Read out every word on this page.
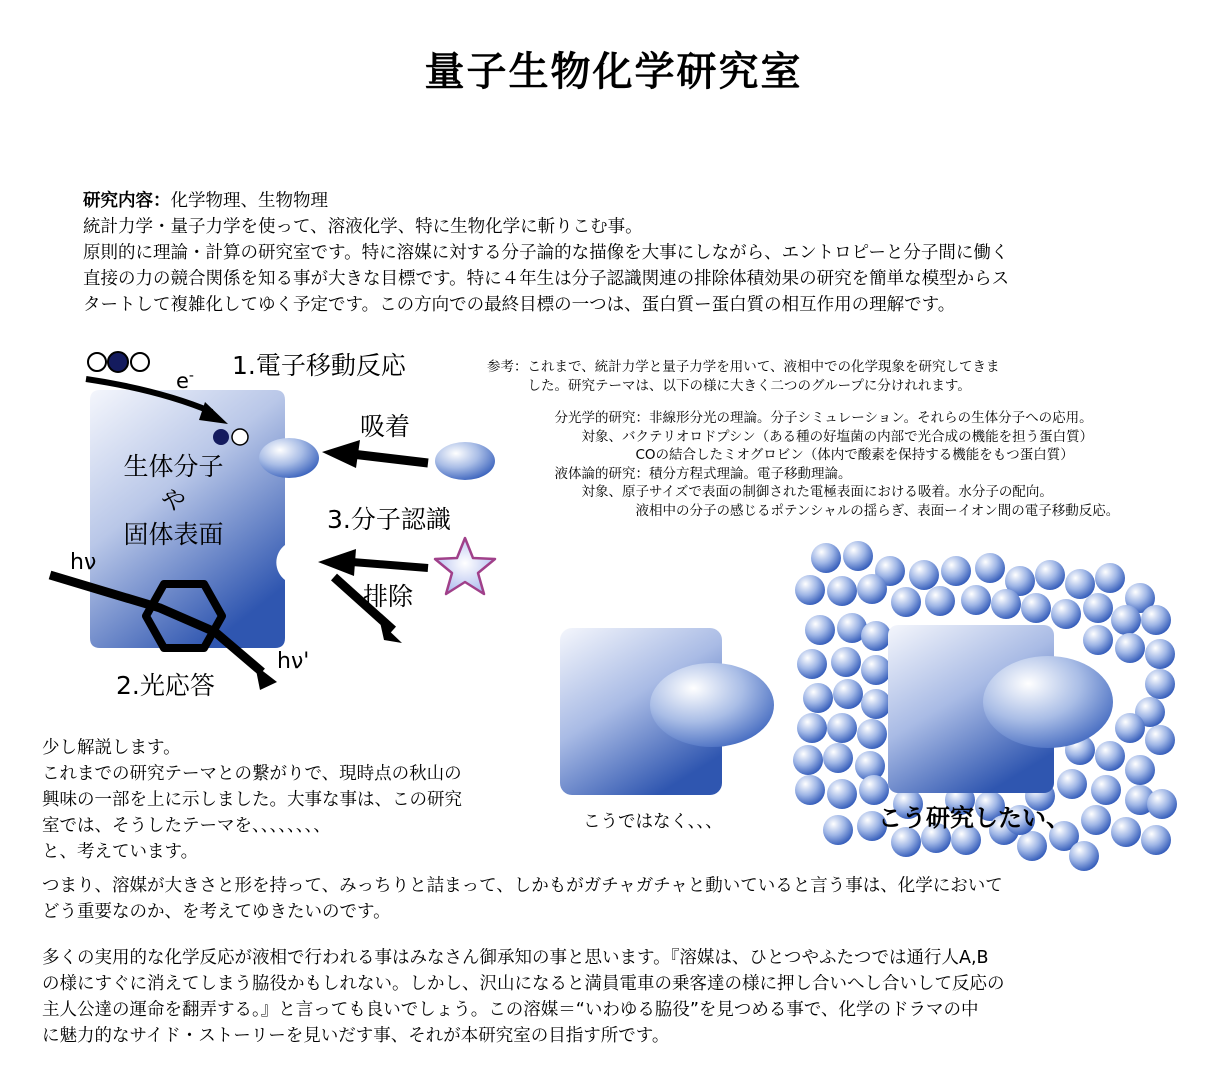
量子生物化学研究室

研究内容：化学物理、生物物理

統計力学・量子力学を使って、溶液化学、特に生物化学に斬りこむ事。

原則的に理論・計算の研究室です。特に溶媒に対する分子論的な描像を大事にしながら、エントロピーと分子間に働く

直接の力の競合関係を知る事が大きな目標です。特に４年生は分子認識関連の排除体積効果の研究を簡単な模型からス

タートして複雑化してゆく予定です。この方向での最終目標の一つは、蛋白質ー蛋白質の相互作用の理解です。

1.電子移動反応
e-
吸着
生体分子
や
固体表面
3.分子認識
hν
排除
hν'
2.光応答

参考：これまで、統計力学と量子力学を用いて、液相中での化学現象を研究してきま

　　　した。研究テーマは、以下の様に大きく二つのグループに分けれれます。

　　　　　分光学的研究：非線形分光の理論。分子シミュレーション。それらの生体分子への応用。

　　　　　　　対象、バクテリオロドプシン（ある種の好塩菌の内部で光合成の機能を担う蛋白質）

　　　　　　　　　　　COの結合したミオグロビン（体内で酸素を保持する機能をもつ蛋白質）

　　　　　液体論的研究：積分方程式理論。電子移動理論。

　　　　　　　対象、原子サイズで表面の制御された電極表面における吸着。水分子の配向。

　　　　　　　　　　　液相中の分子の感じるポテンシャルの揺らぎ、表面ーイオン間の電子移動反応。

こうではなく、、、	こう研究したい、

少し解説します。

これまでの研究テーマとの繋がりで、現時点の秋山の

興味の一部を上に示しました。大事な事は、この研究

室では、そうしたテーマを、、、、、、、、

と、考えています。

つまり、溶媒が大きさと形を持って、みっちりと詰まって、しかもがガチャガチャと動いていると言う事は、化学において

どう重要なのか、を考えてゆきたいのです。

多くの実用的な化学反応が液相で行われる事はみなさん御承知の事と思います。『溶媒は、ひとつやふたつでは通行人A,B

の様にすぐに消えてしまう脇役かもしれない。しかし、沢山になると満員電車の乗客達の様に押し合いへし合いして反応の

主人公達の運命を翻弄する。』と言っても良いでしょう。この溶媒＝“いわゆる脇役”を見つめる事で、化学のドラマの中

に魅力的なサイド・ストーリーを見いだす事、それが本研究室の目指す所です。
